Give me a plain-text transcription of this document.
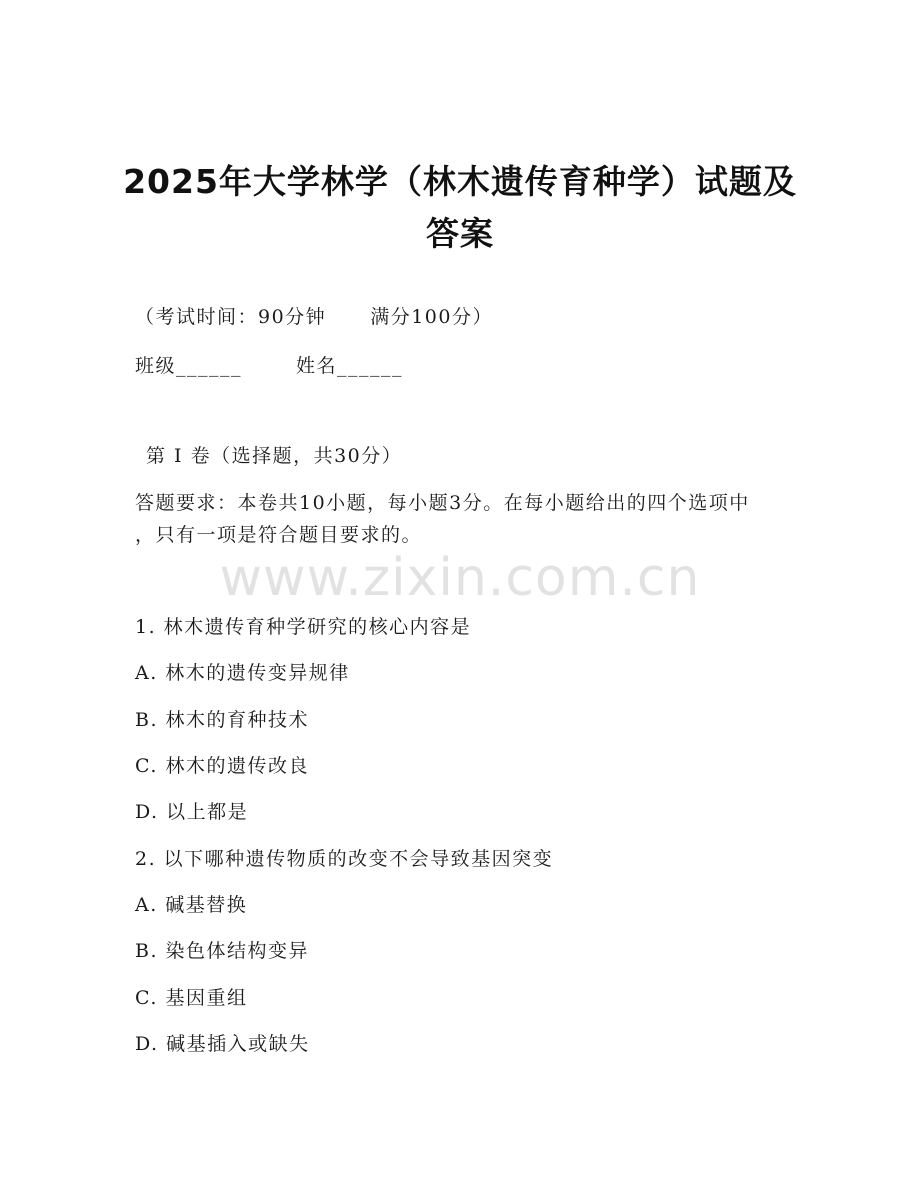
2025年大学林学（林木遗传育种学）试题及
答案
（考试时间：90分钟 满分100分）
班级______	姓名______
第 I 卷（选择题，共30分）
答题要求：本卷共10小题，每小题3分。在每小题给出的四个选项中
，只有一项是符合题目要求的。
www.zixin.com.cn
1. 林木遗传育种学研究的核心内容是
A. 林木的遗传变异规律
B. 林木的育种技术
C. 林木的遗传改良
D. 以上都是
2. 以下哪种遗传物质的改变不会导致基因突变
A. 碱基替换
B. 染色体结构变异
C. 基因重组
D. 碱基插入或缺失
